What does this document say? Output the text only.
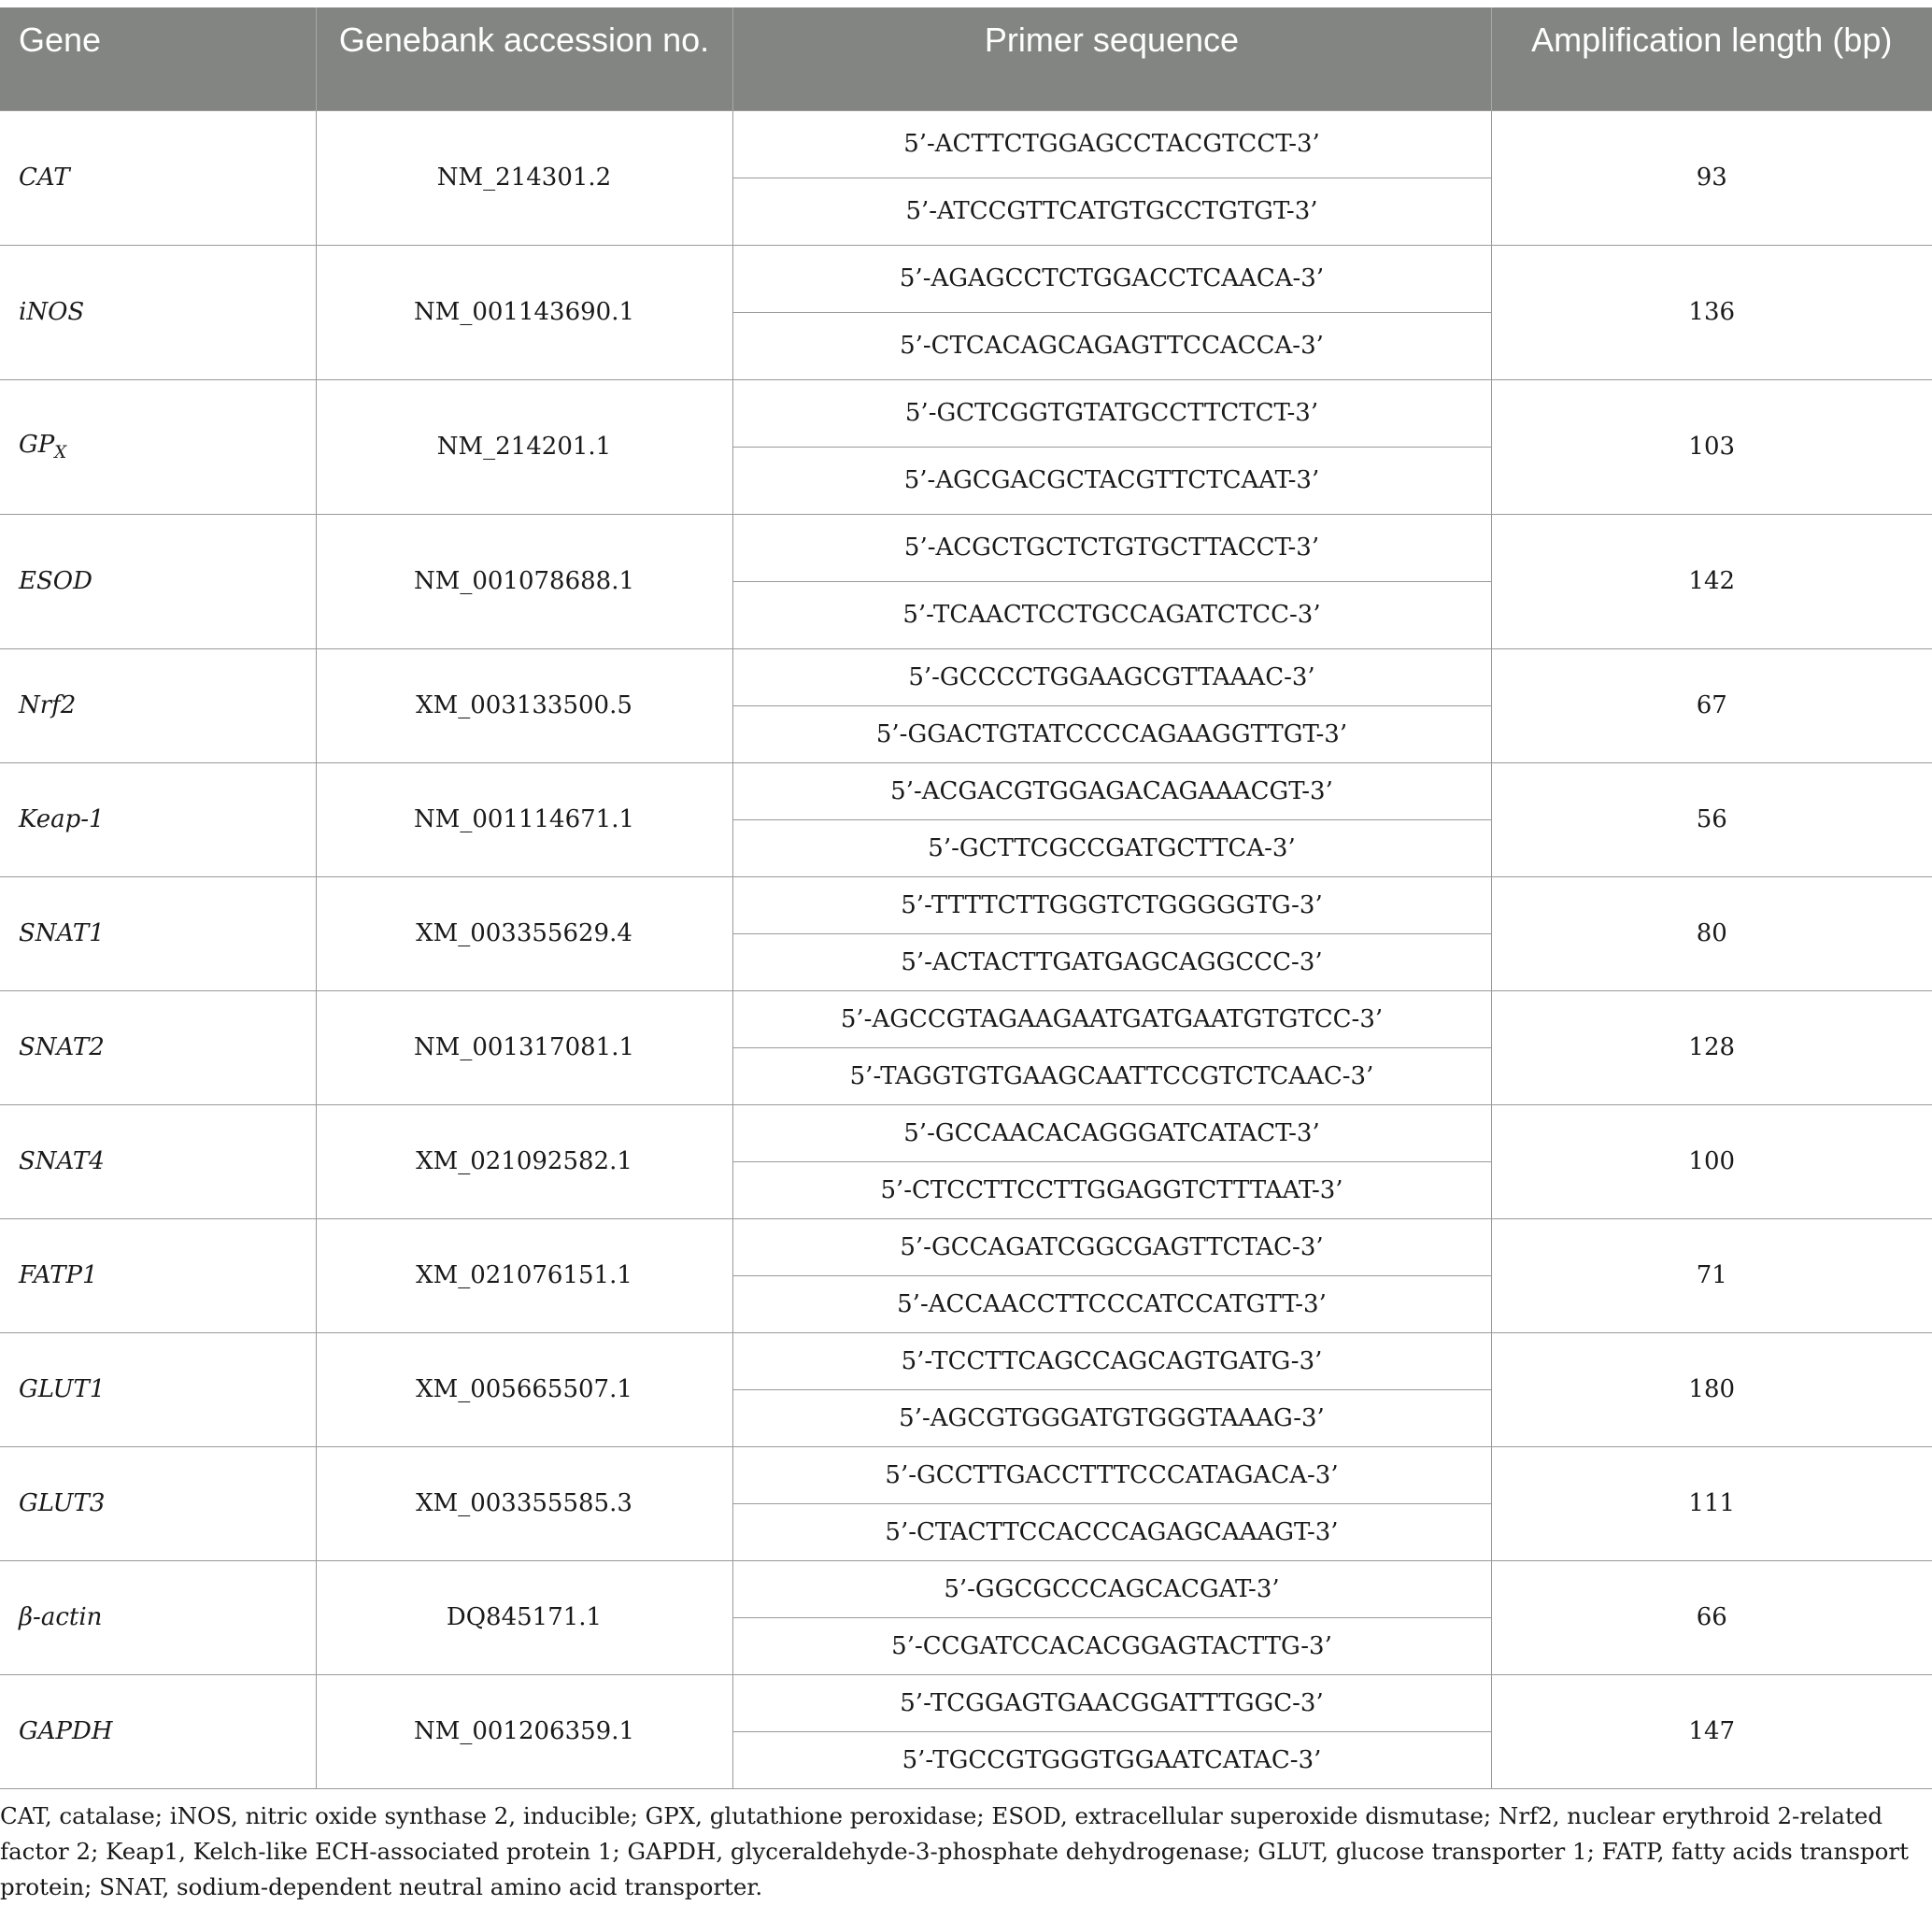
Gene	Genebank accession no.	Primer sequence	Amplification length (bp)
CAT	NM_214301.2	5’-ACTTCTGGAGCCTACGTCCT-3’	93
		5’-ATCCGTTCATGTGCCTGTGT-3’	
iNOS	NM_001143690.1	5’-AGAGCCTCTGGACCTCAACA-3’	136
		5’-CTCACAGCAGAGTTCCACCA-3’	
$GP_X$	NM_214201.1	5’-GCTCGGTGTATGCCTTCTCT-3’	103
		5’-AGCGACGCTACGTTCTCAAT-3’	
ESOD	NM_001078688.1	5’-ACGCTGCTCTGTGCTTACCT-3’	142
		5’-TCAACTCCTGCCAGATCTCC-3’	
Nrf2	XM_003133500.5	5’-GCCCCTGGAAGCGTTAAAC-3’	67
		5’-GGACTGTATCCCCAGAAGGTTGT-3’	
Keap-1	NM_001114671.1	5’-ACGACGTGGAGACAGAAACGT-3’	56
		5’-GCTTCGCCGATGCTTCA-3’	
SNAT1	XM_003355629.4	5’-TTTTCTTGGGTCTGGGGGTG-3’	80
		5’-ACTACTTGATGAGCAGGCCC-3’	
SNAT2	NM_001317081.1	5’-AGCCGTAGAAGAATGATGAATGTGTCC-3’	128
		5’-TAGGTGTGAAGCAATTCCGTCTCAAC-3’	
SNAT4	XM_021092582.1	5’-GCCAACACAGGGATCATACT-3’	100
		5’-CTCCTTCCTTGGAGGTCTTTAAT-3’	
FATP1	XM_021076151.1	5’-GCCAGATCGGCGAGTTCTAC-3’	71
		5’-ACCAACCTTCCCATCCATGTT-3’	
GLUT1	XM_005665507.1	5’-TCCTTCAGCCAGCAGTGATG-3’	180
		5’-AGCGTGGGATGTGGGTAAAG-3’	
GLUT3	XM_003355585.3	5’-GCCTTGACCTTTCCCATAGACA-3’	111
		5’-CTACTTCCACCCAGAGCAAAGT-3’	
β-actin	DQ845171.1	5’-GGCGCCCAGCACGAT-3’	66
		5’-CCGATCCACACGGAGTACTTG-3’	
GAPDH	NM_001206359.1	5’-TCGGAGTGAACGGATTTGGC-3’	147
		5’-TGCCGTGGGTGGAATCATAC-3’	

CAT, catalase; iNOS, nitric oxide synthase 2, inducible; GPX, glutathione peroxidase; ESOD, extracellular superoxide dismutase; Nrf2, nuclear erythroid 2-related factor 2; Keap1, Kelch-like ECH-associated protein 1; GAPDH, glyceraldehyde-3-phosphate dehydrogenase; GLUT, glucose transporter 1; FATP, fatty acids transport protein; SNAT, sodium-dependent neutral amino acid transporter.
